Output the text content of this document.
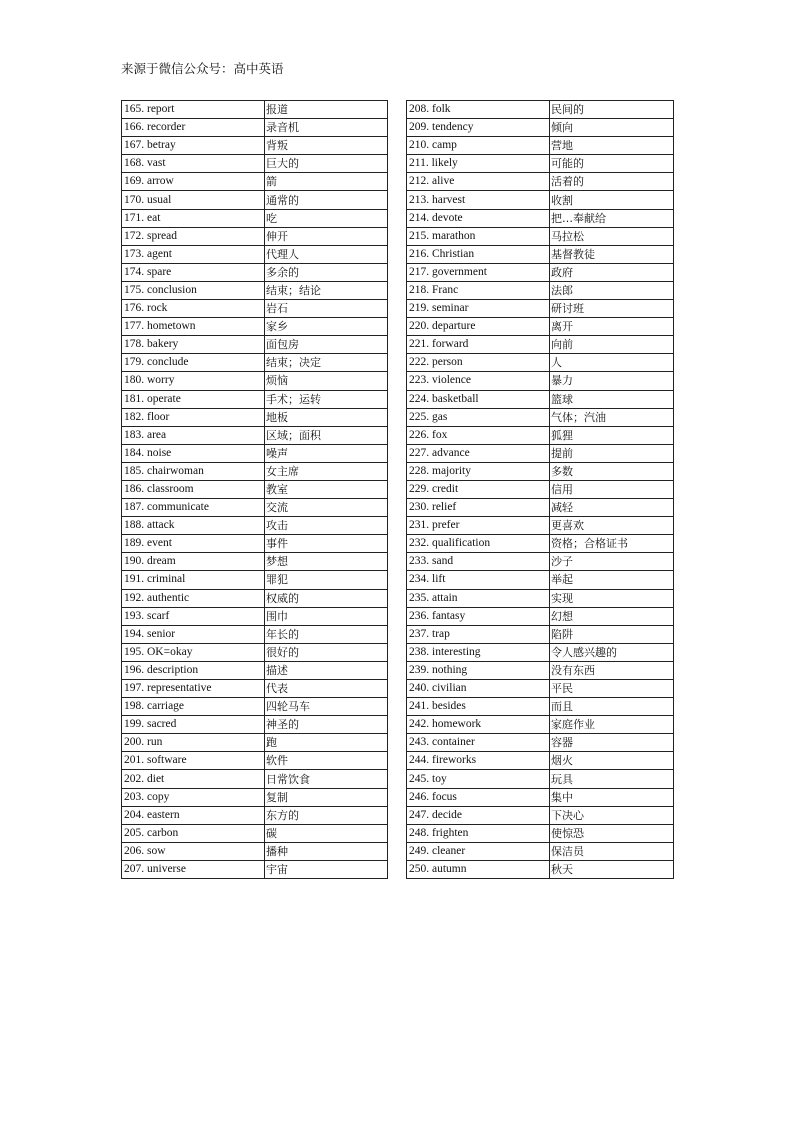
来源于微信公众号：高中英语
165. report	报道
166. recorder	录音机
167. betray	背叛
168. vast	巨大的
169. arrow	箭
170. usual	通常的
171. eat	吃
172. spread	伸开
173. agent	代理人
174. spare	多余的
175. conclusion	结束；结论
176. rock	岩石
177. hometown	家乡
178. bakery	面包房
179. conclude	结束；决定
180. worry	烦恼
181. operate	手术；运转
182. floor	地板
183. area	区域；面积
184. noise	噪声
185. chairwoman	女主席
186. classroom	教室
187. communicate	交流
188. attack	攻击
189. event	事件
190. dream	梦想
191. criminal	罪犯
192. authentic	权威的
193. scarf	围巾
194. senior	年长的
195. OK=okay	很好的
196. description	描述
197. representative	代表
198. carriage	四轮马车
199. sacred	神圣的
200. run	跑
201. software	软件
202. diet	日常饮食
203. copy	复制
204. eastern	东方的
205. carbon	碳
206. sow	播种
207. universe	宇宙
208. folk	民间的
209. tendency	倾向
210. camp	营地
211. likely	可能的
212. alive	活着的
213. harvest	收割
214. devote	把…奉献给
215. marathon	马拉松
216. Christian	基督教徒
217. government	政府
218. Franc	法郎
219. seminar	研讨班
220. departure	离开
221. forward	向前
222. person	人
223. violence	暴力
224. basketball	篮球
225. gas	气体；汽油
226. fox	狐狸
227. advance	提前
228. majority	多数
229. credit	信用
230. relief	减轻
231. prefer	更喜欢
232. qualification	资格；合格证书
233. sand	沙子
234. lift	举起
235. attain	实现
236. fantasy	幻想
237. trap	陷阱
238. interesting	令人感兴趣的
239. nothing	没有东西
240. civilian	平民
241. besides	而且
242. homework	家庭作业
243. container	容器
244. fireworks	烟火
245. toy	玩具
246. focus	集中
247. decide	下决心
248. frighten	使惊恐
249. cleaner	保洁员
250. autumn	秋天
